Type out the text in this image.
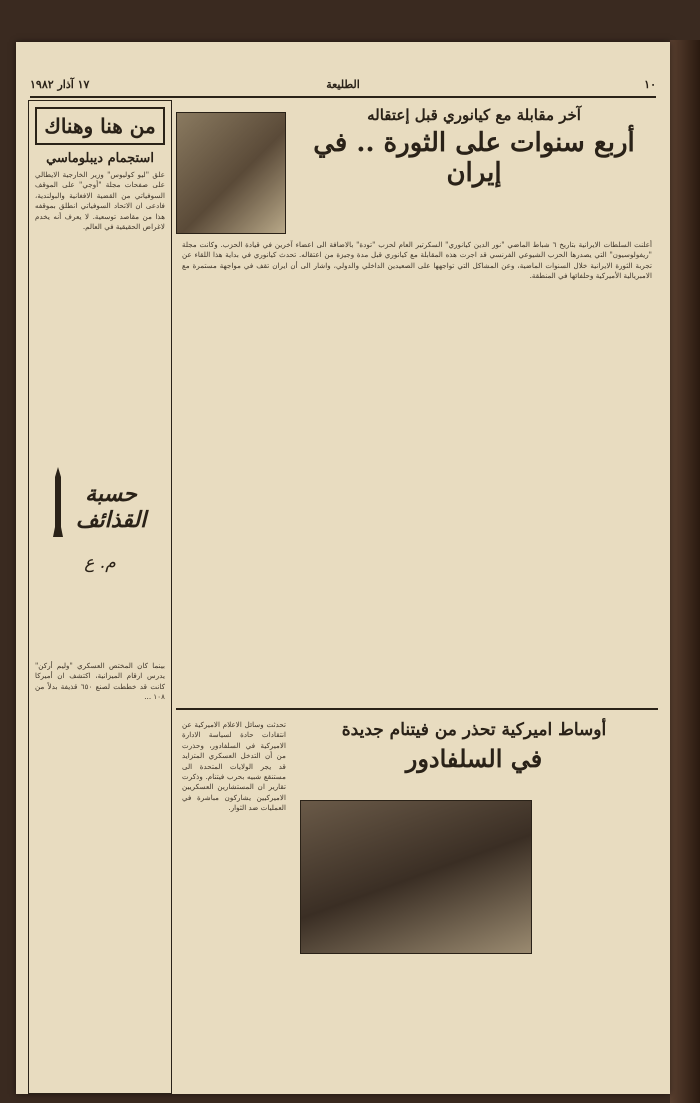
١٠
الطليعة
١٧ آذار ١٩٨٢
من هنا وهناك
استجمام ديبلوماسي
علق "ليو كوليوس" وزير الخارجية الايطالي على صفحات مجلة "أوجي" على الموقف السوفياتي من القضية الافغانية والبولندية، فادعى ان الاتحاد السوفياتي انطلق بموقفه هذا من مقاصد توسعية. لا يعرف أنه يخدم لاغراض الحقيقية في العالم.
حسبة القذائف
م. ع
بينما كان المختص العسكري "وليم أركن" يدرس ارقام الميزانية، اكتشف ان أميركا كانت قد خططت لصنع ٦٥٠ قذيفة بدلاً من ١٠٨ ...
آخر مقابلة مع كيانوري قبل إعتقاله
أربع سنوات على الثورة .. في إيران
أعلنت السلطات الايرانية بتاريخ ٦ شباط الماضي "نور الدين كيانوري" السكرتير العام لحزب "تودة" بالاضافة الى اعضاء آخرين في قيادة الحزب. وكانت مجلة "ريفولوسيون" التي يصدرها الحزب الشيوعي الفرنسي قد اجرت هذه المقابلة مع كيانوري قبل مدة وجيزة من اعتقاله. تحدث كيانوري في بداية هذا اللقاء عن تجربة الثورة الايرانية خلال السنوات الماضية، وعن المشاكل التي تواجهها على الصعيدين الداخلي والدولي، واشار الى أن ايران تقف في مواجهة مستمرة مع الامبريالية الأميركية وحلفائها في المنطقة.
أوساط اميركية تحذر من فيتنام جديدة
في السلفادور
تحدثت وسائل الاعلام الاميركية عن انتقادات حادة لسياسة الادارة الاميركية في السلفادور، وحذرت من أن التدخل العسكري المتزايد قد يجر الولايات المتحدة الى مستنقع شبيه بحرب فيتنام. وذكرت تقارير ان المستشارين العسكريين الاميركيين يشاركون مباشرة في العمليات ضد الثوار.
